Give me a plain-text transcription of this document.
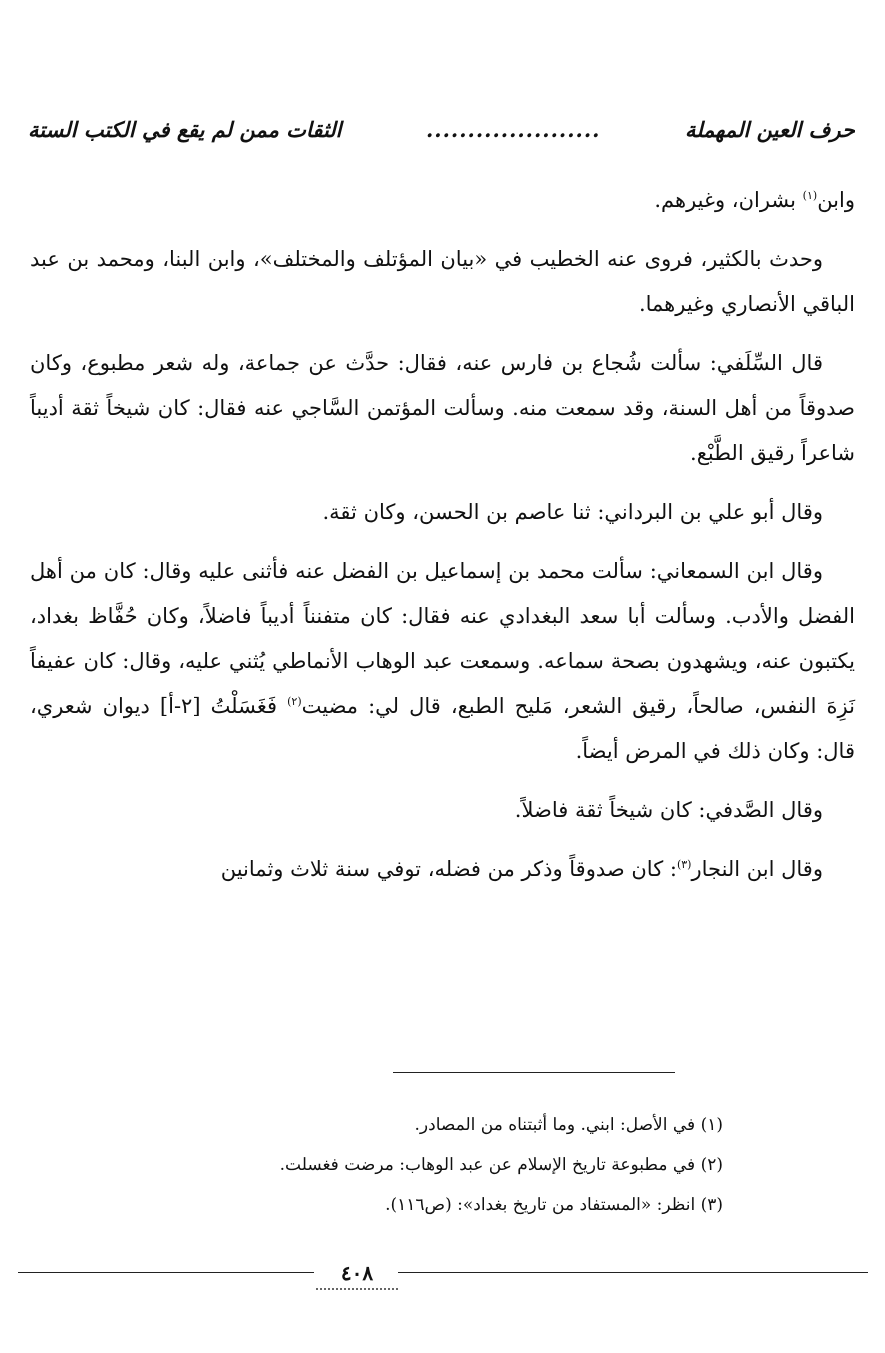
حرف العين المهملة
.....................
الثقات ممن لم يقع في الكتب الستة

وابن$^{(١)}$ بشران، وغيرهم.

وحدث بالكثير، فروى عنه الخطيب في «بيان المؤتلف والمختلف»، وابن البنا، ومحمد بن عبد الباقي الأنصاري وغيرهما.

قال السِّلَفي: سألت شُجاع بن فارس عنه، فقال: حدَّث عن جماعة، وله شعر مطبوع، وكان صدوقاً من أهل السنة، وقد سمعت منه. وسألت المؤتمن السَّاجي عنه فقال: كان شيخاً ثقة أديباً شاعراً رقيق الطَّبْع.

وقال أبو علي بن البرداني: ثنا عاصم بن الحسن، وكان ثقة.

وقال ابن السمعاني: سألت محمد بن إسماعيل بن الفضل عنه فأثنى عليه وقال: كان من أهل الفضل والأدب. وسألت أبا سعد البغدادي عنه فقال: كان متفنناً أديباً فاضلاً، وكان حُفَّاظ بغداد، يكتبون عنه، ويشهدون بصحة سماعه. وسمعت عبد الوهاب الأنماطي يُثني عليه، وقال: كان عفيفاً نَزِهَ النفس، صالحاً، رقيق الشعر، مَليح الطبع، قال لي: مضيت$^{(٢)}$ فَغَسَلْتُ [٢-أ] ديوان شعري، قال: وكان ذلك في المرض أيضاً.

وقال الصَّدفي: كان شيخاً ثقة فاضلاً.

وقال ابن النجار$^{(٣)}$: كان صدوقاً وذكر من فضله، توفي سنة ثلاث وثمانين

(١) في الأصل: ابني. وما أثبتناه من المصادر.
(٢) في مطبوعة تاريخ الإسلام عن عبد الوهاب: مرضت فغسلت.
(٣) انظر: «المستفاد من تاريخ بغداد»: (ص١١٦).
٤٠٨
